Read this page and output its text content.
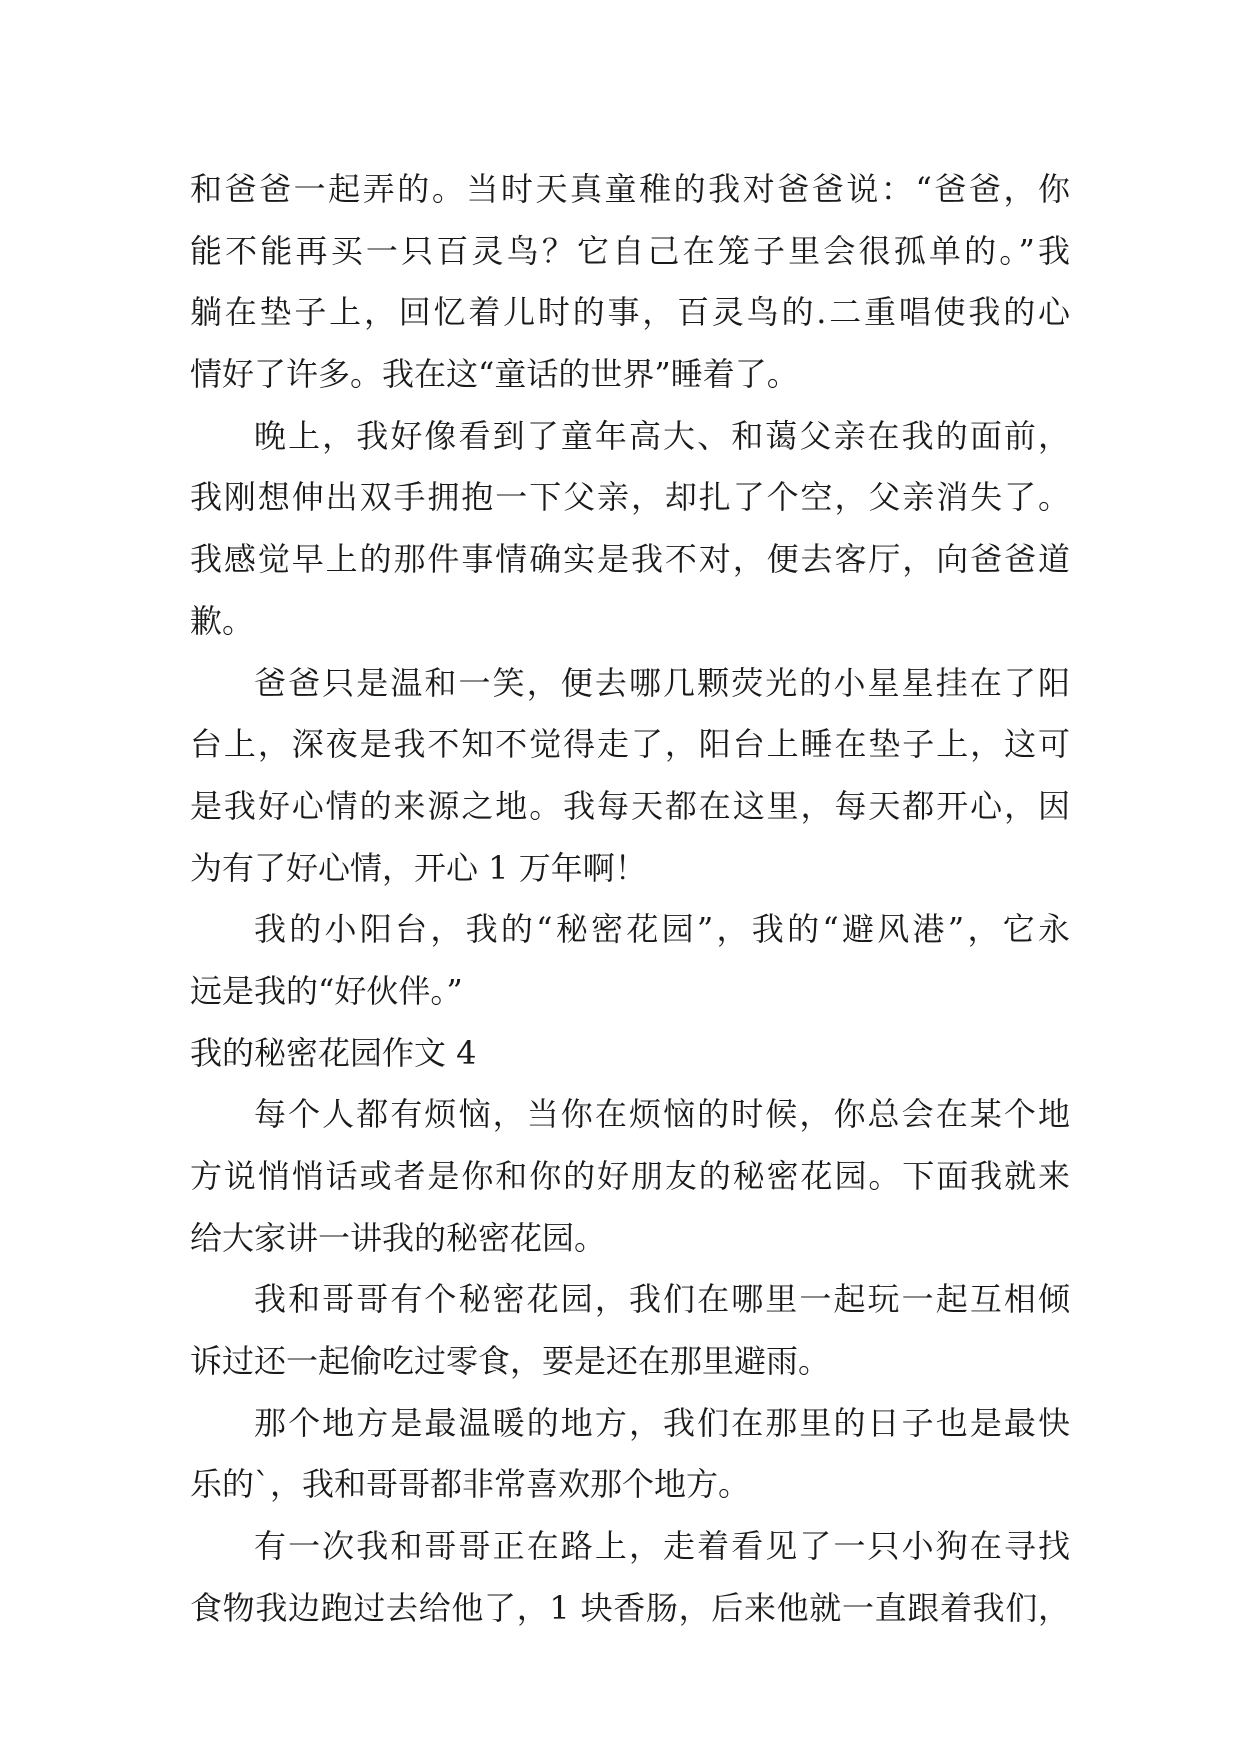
和爸爸一起弄的。当时天真童稚的我对爸爸说：“爸爸，你
能不能再买一只百灵鸟？它自己在笼子里会很孤单的。”我
躺在垫子上，回忆着儿时的事，百灵鸟的.二重唱使我的心
情好了许多。我在这“童话的世界”睡着了。
晚上，我好像看到了童年高大、和蔼父亲在我的面前，
我刚想伸出双手拥抱一下父亲，却扎了个空，父亲消失了。
我感觉早上的那件事情确实是我不对，便去客厅，向爸爸道
歉。
爸爸只是温和一笑，便去哪几颗荧光的小星星挂在了阳
台上，深夜是我不知不觉得走了，阳台上睡在垫子上，这可
是我好心情的来源之地。我每天都在这里，每天都开心，因
为有了好心情，开心 1 万年啊！
我的小阳台，我的“秘密花园”，我的“避风港”，它永
远是我的“好伙伴。”
我的秘密花园作文 4
每个人都有烦恼，当你在烦恼的时候，你总会在某个地
方说悄悄话或者是你和你的好朋友的秘密花园。下面我就来
给大家讲一讲我的秘密花园。
我和哥哥有个秘密花园，我们在哪里一起玩一起互相倾
诉过还一起偷吃过零食，要是还在那里避雨。
那个地方是最温暖的地方，我们在那里的日子也是最快
乐的`，我和哥哥都非常喜欢那个地方。
有一次我和哥哥正在路上，走着看见了一只小狗在寻找
食物我边跑过去给他了，1 块香肠，后来他就一直跟着我们，
